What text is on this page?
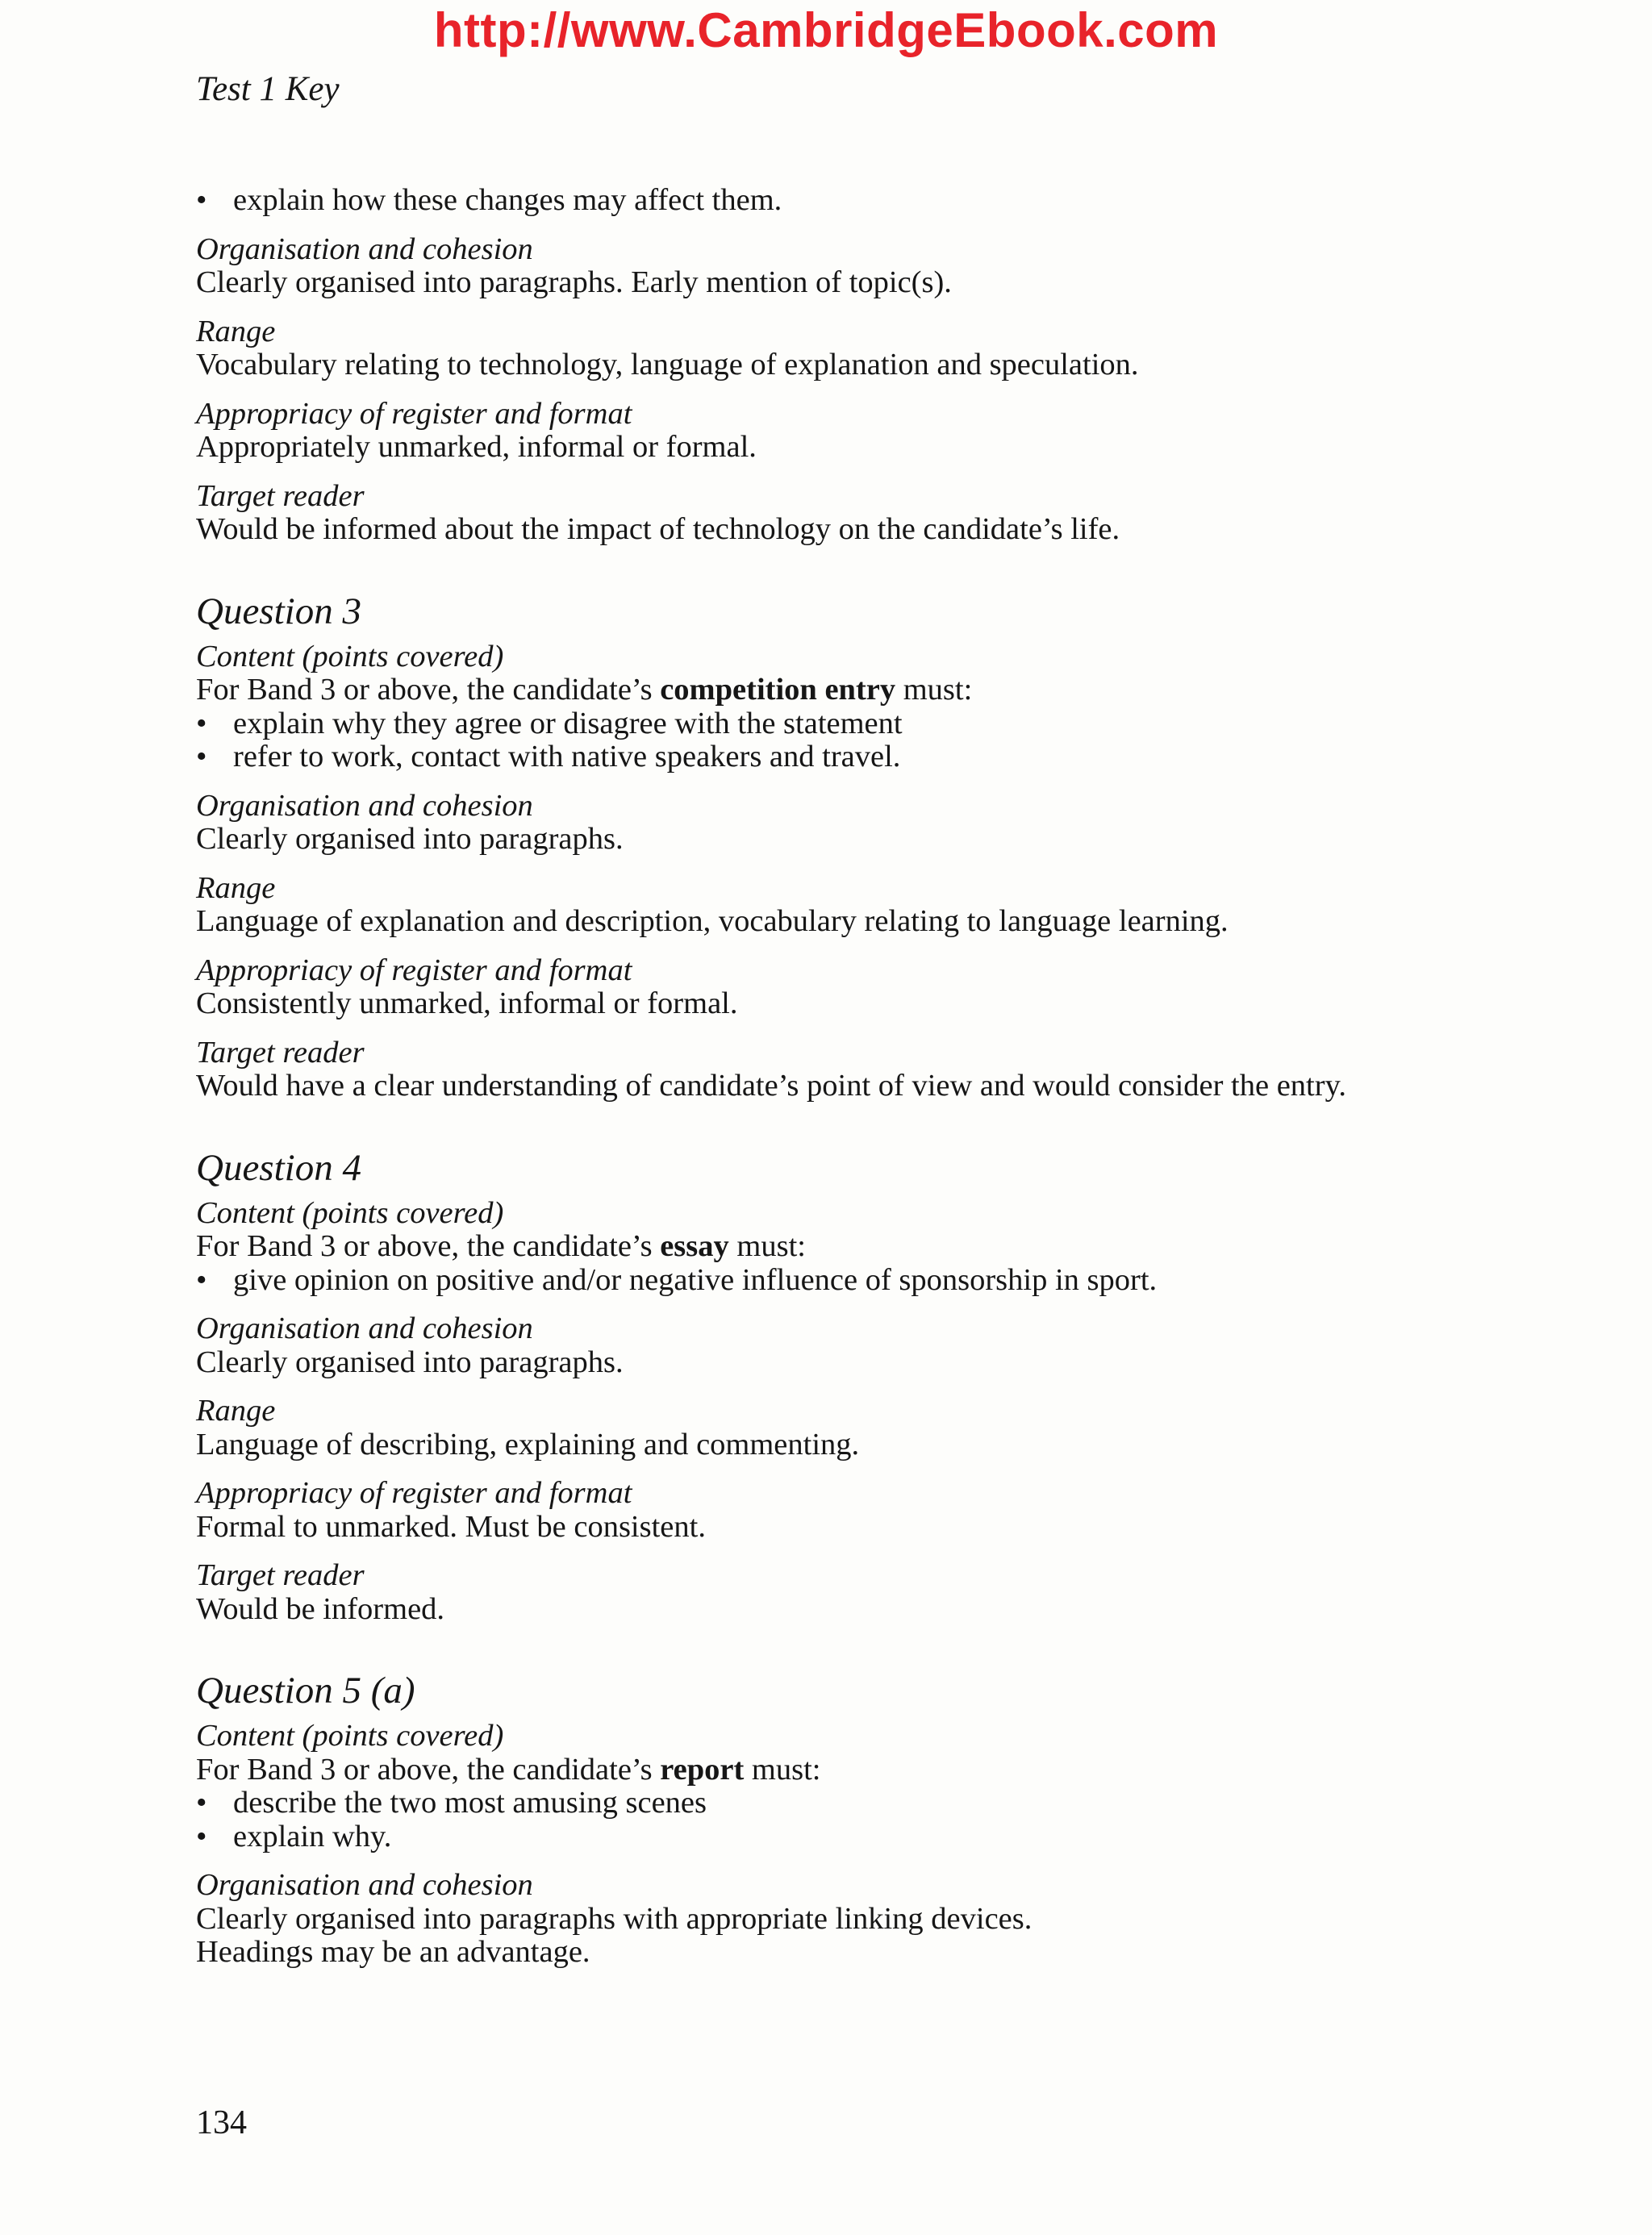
http://www.CambridgeEbook.com
Test 1 Key
• explain how these changes may affect them.
Organisation and cohesion
Clearly organised into paragraphs. Early mention of topic(s).
Range
Vocabulary relating to technology, language of explanation and speculation.
Appropriacy of register and format
Appropriately unmarked, informal or formal.
Target reader
Would be informed about the impact of technology on the candidate’s life.
Question 3
Content (points covered)
For Band 3 or above, the candidate’s competition entry must:
• explain why they agree or disagree with the statement
• refer to work, contact with native speakers and travel.
Organisation and cohesion
Clearly organised into paragraphs.
Range
Language of explanation and description, vocabulary relating to language learning.
Appropriacy of register and format
Consistently unmarked, informal or formal.
Target reader
Would have a clear understanding of candidate’s point of view and would consider the entry.
Question 4
Content (points covered)
For Band 3 or above, the candidate’s essay must:
• give opinion on positive and/or negative influence of sponsorship in sport.
Organisation and cohesion
Clearly organised into paragraphs.
Range
Language of describing, explaining and commenting.
Appropriacy of register and format
Formal to unmarked. Must be consistent.
Target reader
Would be informed.
Question 5 (a)
Content (points covered)
For Band 3 or above, the candidate’s report must:
• describe the two most amusing scenes
• explain why.
Organisation and cohesion
Clearly organised into paragraphs with appropriate linking devices.
Headings may be an advantage.
134
